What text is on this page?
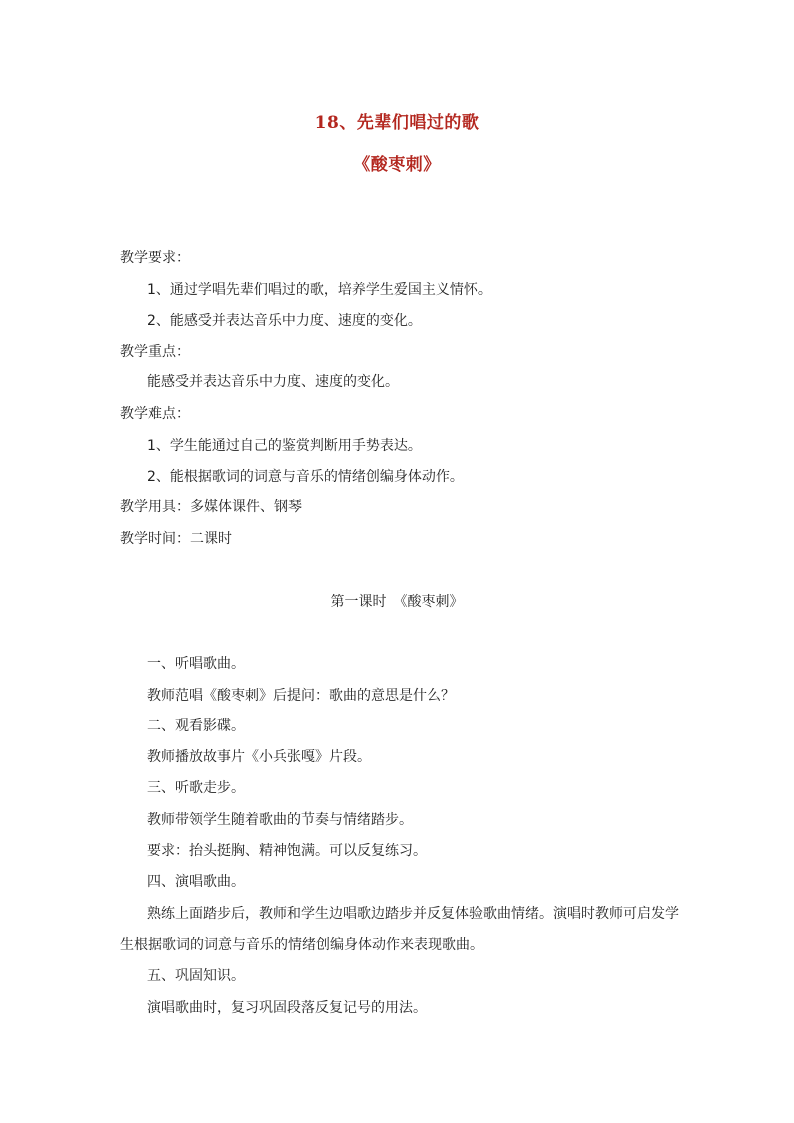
18、先辈们唱过的歌
《酸枣刺》
教学要求：
1、通过学唱先辈们唱过的歌，培养学生爱国主义情怀。
2、能感受并表达音乐中力度、速度的变化。
教学重点：
能感受并表达音乐中力度、速度的变化。
教学难点：
1、学生能通过自己的鉴赏判断用手势表达。
2、能根据歌词的词意与音乐的情绪创编身体动作。
教学用具：多媒体课件、钢琴
教学时间：二课时
第一课时　《酸枣刺》
一、听唱歌曲。
教师范唱《酸枣刺》后提问：歌曲的意思是什么？
二、观看影碟。
教师播放故事片《小兵张嘎》片段。
三、听歌走步。
教师带领学生随着歌曲的节奏与情绪踏步。
要求：抬头挺胸、精神饱满。可以反复练习。
四、演唱歌曲。
熟练上面踏步后，教师和学生边唱歌边踏步并反复体验歌曲情绪。演唱时教师可启发学
生根据歌词的词意与音乐的情绪创编身体动作来表现歌曲。
五、巩固知识。
演唱歌曲时，复习巩固段落反复记号的用法。
